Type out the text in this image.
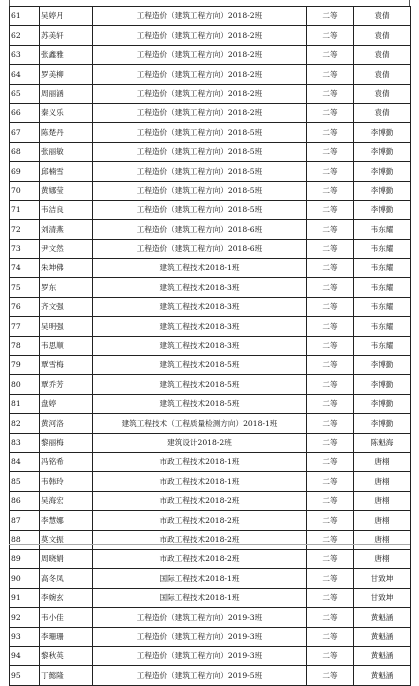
61	吴婷月	工程造价（建筑工程方向）2018-2班	二等	袁倩
62	苏美轩	工程造价（建筑工程方向）2018-2班	二等	袁倩
63	张鑫雅	工程造价（建筑工程方向）2018-2班	二等	袁倩
64	罗美柳	工程造价（建筑工程方向）2018-2班	二等	袁倩
65	周丽涵	工程造价（建筑工程方向）2018-2班	二等	袁倩
66	秦义乐	工程造价（建筑工程方向）2018-2班	二等	袁倩
67	陈楚丹	工程造价（建筑工程方向）2018-5班	二等	李博勤
68	张丽敏	工程造价（建筑工程方向）2018-5班	二等	李博勤
69	邱楠雪	工程造价（建筑工程方向）2018-5班	二等	李博勤
70	黄娜莹	工程造价（建筑工程方向）2018-5班	二等	李博勤
71	韦洁良	工程造价（建筑工程方向）2018-5班	二等	李博勤
72	刘清燕	工程造价（建筑工程方向）2018-6班	二等	韦东耀
73	尹文然	工程造价（建筑工程方向）2018-6班	二等	韦东耀
74	朱坤佛	建筑工程技术2018-1班	二等	韦东耀
75	罗东	建筑工程技术2018-3班	二等	韦东耀
76	齐文强	建筑工程技术2018-3班	二等	韦东耀
77	吴明强	建筑工程技术2018-3班	二等	韦东耀
78	韦思顺	建筑工程技术2018-3班	二等	韦东耀
79	覃雪梅	建筑工程技术2018-5班	二等	李博勤
80	覃乔芳	建筑工程技术2018-5班	二等	李博勤
81	盘婷	建筑工程技术2018-5班	二等	李博勤
82	黄河洛	建筑工程技术（工程质量检测方向）2018-1班	二等	李博勤
83	黎丽梅	建筑设计2018-2班	二等	陈魁海
84	冯铭希	市政工程技术2018-1班	二等	唐栩
85	韦韩玲	市政工程技术2018-1班	二等	唐栩
86	吴海宏	市政工程技术2018-2班	二等	唐栩
87	李慧娜	市政工程技术2018-2班	二等	唐栩
88	莫文振	市政工程技术2018-2班	二等	唐栩
89	周晓娟	市政工程技术2018-2班	二等	唐栩
90	高冬凤	国际工程技术2018-1班	二等	甘致坤
91	李婉玄	国际工程技术2018-1班	二等	甘致坤
92	韦小佳	工程造价（建筑工程方向）2019-3班	二等	黄魁涵
93	李珊珊	工程造价（建筑工程方向）2019-3班	二等	黄魁涵
94	黎秋英	工程造价（建筑工程方向）2019-3班	二等	黄魁涵
95	丁懿隆	工程造价（建筑工程方向）2019-5班	二等	黄魁涵
